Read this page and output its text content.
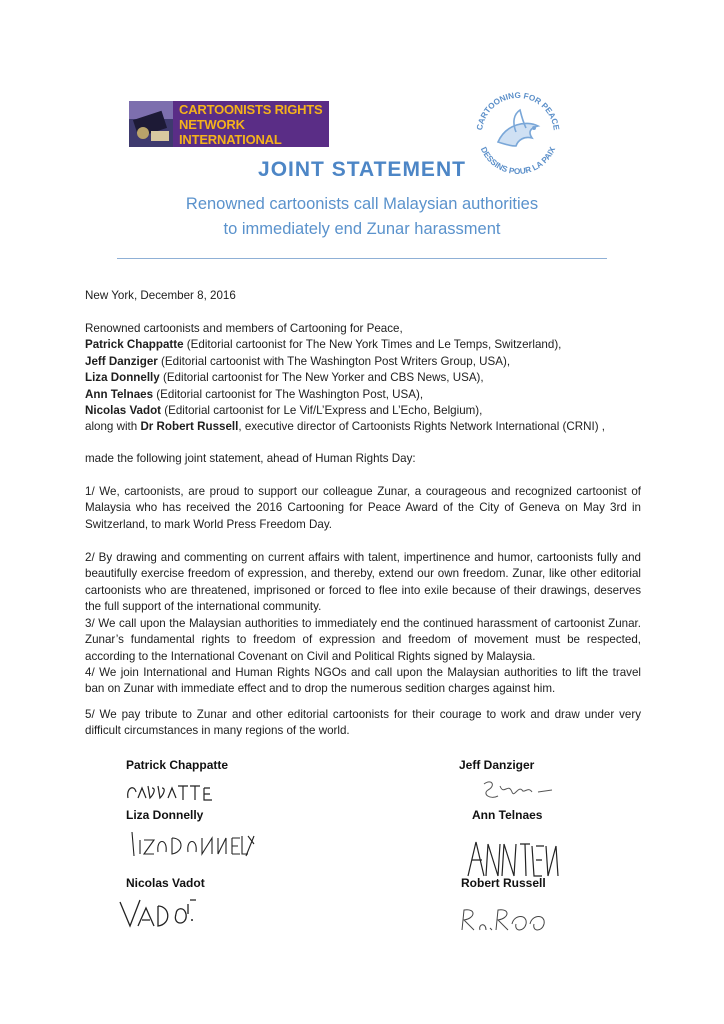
CARTOONISTS RIGHTS
NETWORK INTERNATIONAL
CARTOONING FOR PEACE
DESSINS POUR LA PAIX
JOINT STATEMENT
Renowned cartoonists call Malaysian authorities
to immediately end Zunar harassment
New York, December 8, 2016
Renowned cartoonists and members of Cartooning for Peace,
Patrick Chappatte (Editorial cartoonist for The New York Times and Le Temps, Switzerland),
Jeff Danziger (Editorial cartoonist with The Washington Post Writers Group, USA),
Liza Donnelly (Editorial cartoonist for The New Yorker and CBS News, USA),
Ann Telnaes (Editorial cartoonist for The Washington Post, USA),
Nicolas Vadot (Editorial cartoonist for Le Vif/L’Express and L’Echo, Belgium),
along with Dr Robert Russell, executive director of Cartoonists Rights Network International (CRNI) ,
made the following joint statement, ahead of Human Rights Day:
1/ We, cartoonists, are proud to support our colleague Zunar, a courageous and recognized cartoonist of Malaysia who has received the 2016 Cartooning for Peace Award of the City of Geneva on May 3rd in Switzerland, to mark World Press Freedom Day.
2/ By drawing and commenting on current affairs with talent, impertinence and humor, cartoonists fully and beautifully exercise freedom of expression, and thereby, extend our own freedom. Zunar, like other editorial cartoonists who are threatened, imprisoned or forced to flee into exile because of their drawings, deserves the full support of the international community.
3/ We call upon the Malaysian authorities to immediately end the continued harassment of cartoonist Zunar. Zunar’s fundamental rights to freedom of expression and freedom of movement must be respected, according to the International Covenant on Civil and Political Rights signed by Malaysia.
4/ We join International and Human Rights NGOs and call upon the Malaysian authorities to lift the travel ban on Zunar with immediate effect and to drop the numerous sedition charges against him.
5/ We pay tribute to Zunar and other editorial cartoonists for their courage to work and draw under very difficult circumstances in many regions of the world.
Patrick Chappatte	Jeff Danziger
Liza Donnelly	Ann Telnaes
Nicolas Vadot	Robert Russell
